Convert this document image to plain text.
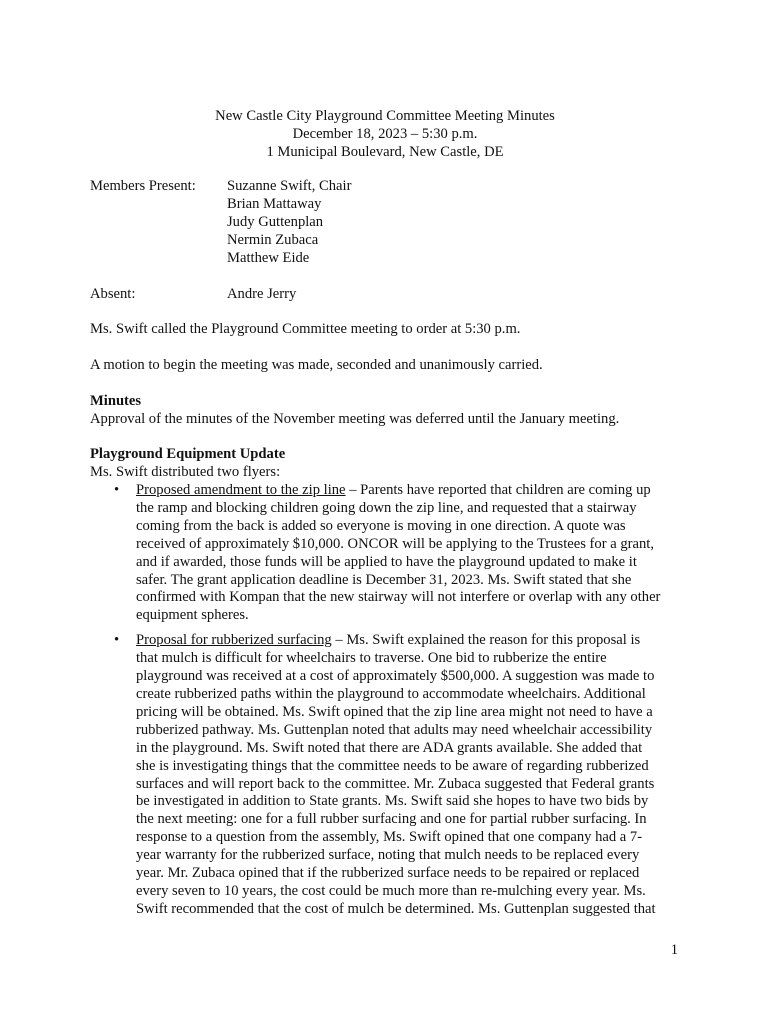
New Castle City Playground Committee Meeting Minutes
December 18, 2023 – 5:30 p.m.
1 Municipal Boulevard, New Castle, DE
Members Present: Suzanne Swift, Chair
Brian Mattaway
Judy Guttenplan
Nermin Zubaca
Matthew Eide
Absent:	Andre Jerry
Ms. Swift called the Playground Committee meeting to order at 5:30 p.m.
A motion to begin the meeting was made, seconded and unanimously carried.
Minutes
Approval of the minutes of the November meeting was deferred until the January meeting.
Playground Equipment Update
Ms. Swift distributed two flyers:
• Proposed amendment to the zip line – Parents have reported that children are coming up
the ramp and blocking children going down the zip line, and requested that a stairway
coming from the back is added so everyone is moving in one direction. A quote was
received of approximately $10,000. ONCOR will be applying to the Trustees for a grant,
and if awarded, those funds will be applied to have the playground updated to make it
safer. The grant application deadline is December 31, 2023. Ms. Swift stated that she
confirmed with Kompan that the new stairway will not interfere or overlap with any other
equipment spheres.
• Proposal for rubberized surfacing – Ms. Swift explained the reason for this proposal is
that mulch is difficult for wheelchairs to traverse. One bid to rubberize the entire
playground was received at a cost of approximately $500,000. A suggestion was made to
create rubberized paths within the playground to accommodate wheelchairs. Additional
pricing will be obtained. Ms. Swift opined that the zip line area might not need to have a
rubberized pathway. Ms. Guttenplan noted that adults may need wheelchair accessibility
in the playground. Ms. Swift noted that there are ADA grants available. She added that
she is investigating things that the committee needs to be aware of regarding rubberized
surfaces and will report back to the committee. Mr. Zubaca suggested that Federal grants
be investigated in addition to State grants. Ms. Swift said she hopes to have two bids by
the next meeting: one for a full rubber surfacing and one for partial rubber surfacing. In
response to a question from the assembly, Ms. Swift opined that one company had a 7-
year warranty for the rubberized surface, noting that mulch needs to be replaced every
year. Mr. Zubaca opined that if the rubberized surface needs to be repaired or replaced
every seven to 10 years, the cost could be much more than re-mulching every year. Ms.
Swift recommended that the cost of mulch be determined. Ms. Guttenplan suggested that
1
